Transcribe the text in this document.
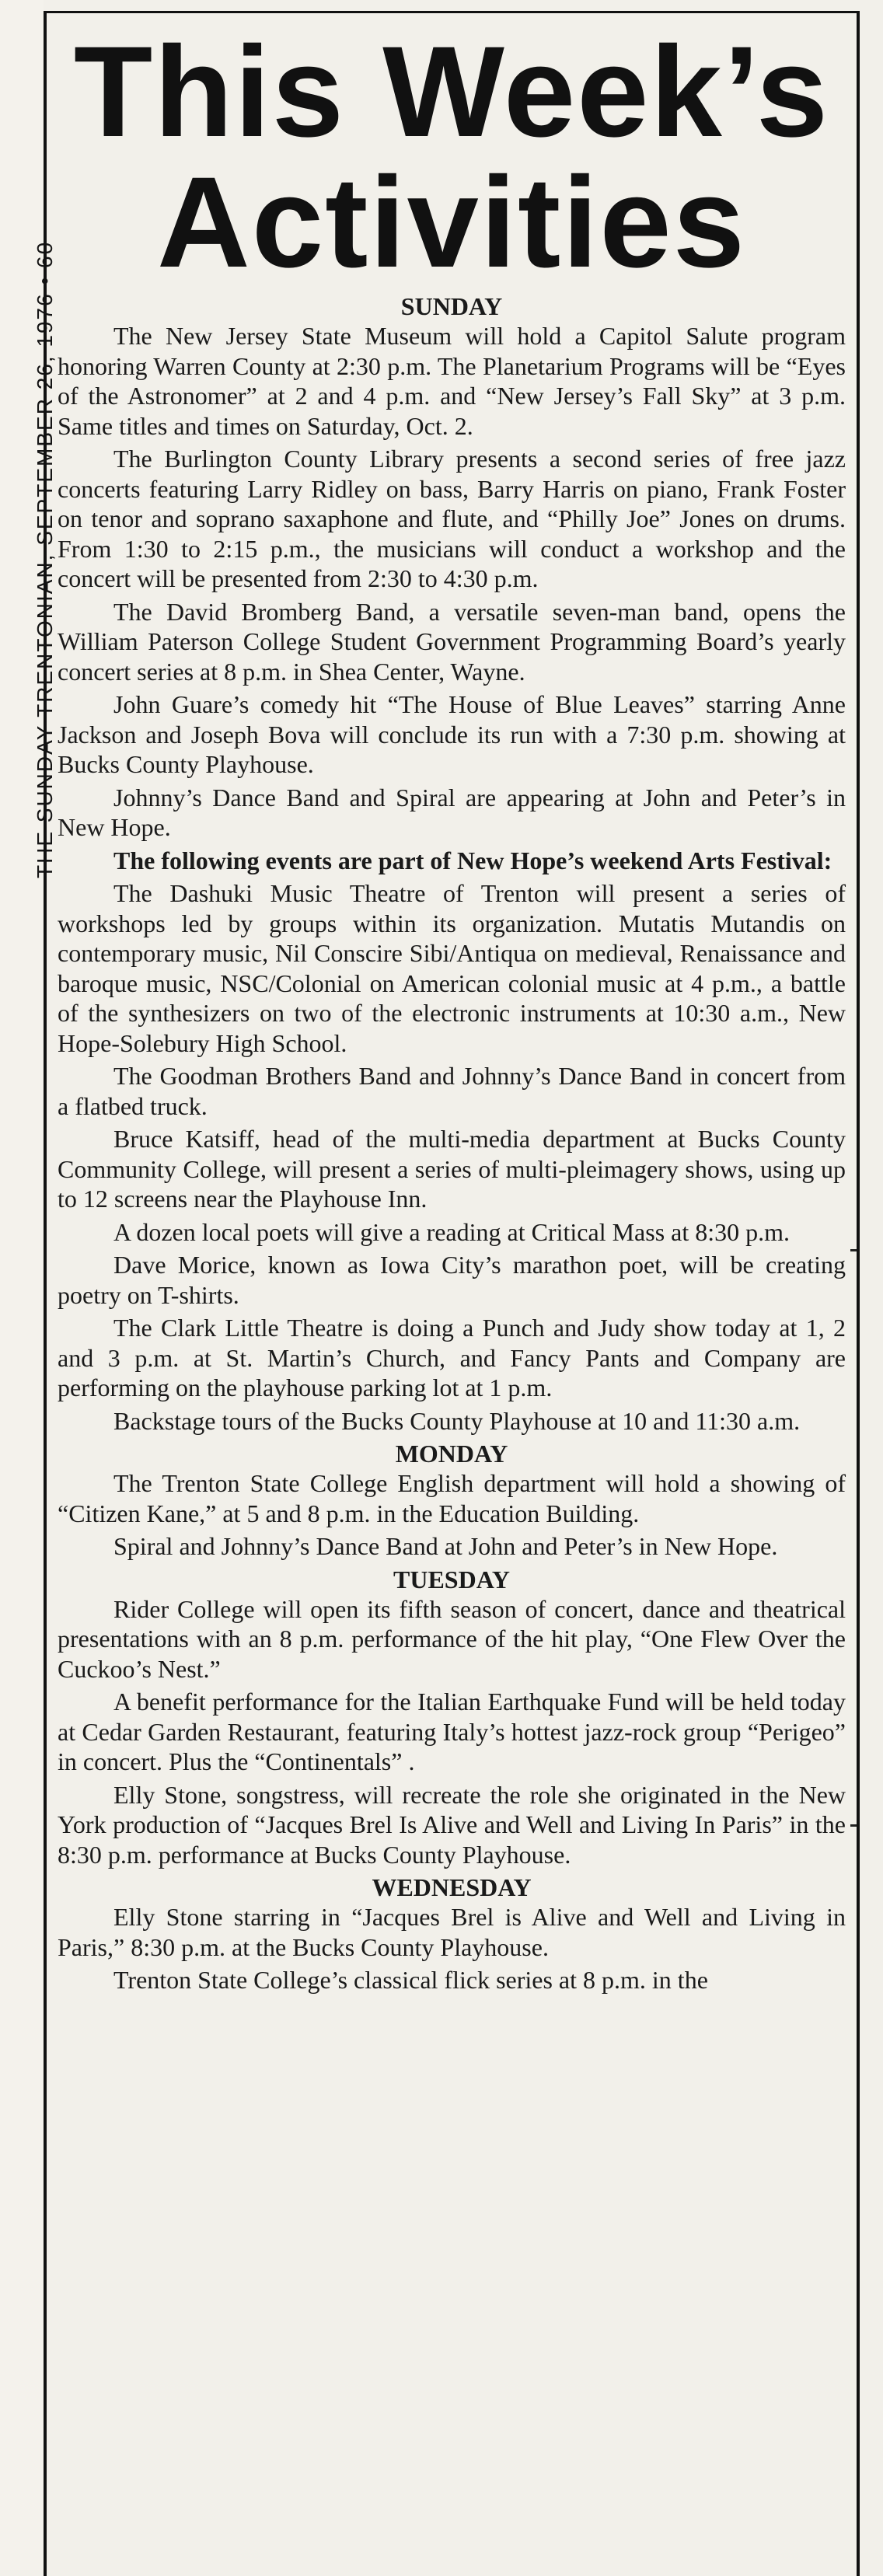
THE SUNDAY TRENTONIAN, SEPTEMBER 26, 1976 • 60
This Week’s
Activities
SUNDAY
The New Jersey State Museum will hold a Capitol Salute program honoring Warren County at 2:30 p.m. The Planetarium Programs will be “Eyes of the Astronomer” at 2 and 4 p.m. and “New Jersey’s Fall Sky” at 3 p.m. Same titles and times on Saturday, Oct. 2.
The Burlington County Library presents a second series of free jazz concerts featuring Larry Ridley on bass, Barry Harris on piano, Frank Foster on tenor and soprano saxaphone and flute, and “Philly Joe” Jones on drums. From 1:30 to 2:15 p.m., the musicians will conduct a workshop and the concert will be presented from 2:30 to 4:30 p.m.
The David Bromberg Band, a versatile seven-man band, opens the William Paterson College Student Government Programming Board’s yearly concert series at 8 p.m. in Shea Center, Wayne.
John Guare’s comedy hit “The House of Blue Leaves” starring Anne Jackson and Joseph Bova will conclude its run with a 7:30 p.m. showing at Bucks County Playhouse.
Johnny’s Dance Band and Spiral are appearing at John and Peter’s in New Hope.
The following events are part of New Hope’s weekend Arts Festival:
The Dashuki Music Theatre of Trenton will present a series of workshops led by groups within its organization. Mutatis Mutandis on contemporary music, Nil Conscire Sibi/Antiqua on medieval, Renaissance and baroque music, NSC/Colonial on American colonial music at 4 p.m., a battle of the synthesizers on two of the electronic instruments at 10:30 a.m., New Hope-Solebury High School.
The Goodman Brothers Band and Johnny’s Dance Band in concert from a flatbed truck.
Bruce Katsiff, head of the multi-media department at Bucks County Community College, will present a series of multi-pleimagery shows, using up to 12 screens near the Playhouse Inn.
A dozen local poets will give a reading at Critical Mass at 8:30 p.m.
Dave Morice, known as Iowa City’s marathon poet, will be creating poetry on T-shirts.
The Clark Little Theatre is doing a Punch and Judy show today at 1, 2 and 3 p.m. at St. Martin’s Church, and Fancy Pants and Company are performing on the playhouse parking lot at 1 p.m.
Backstage tours of the Bucks County Playhouse at 10 and 11:30 a.m.
MONDAY
The Trenton State College English department will hold a showing of “Citizen Kane,” at 5 and 8 p.m. in the Education Building.
Spiral and Johnny’s Dance Band at John and Peter’s in New Hope.
TUESDAY
Rider College will open its fifth season of concert, dance and theatrical presentations with an 8 p.m. performance of the hit play, “One Flew Over the Cuckoo’s Nest.”
A benefit performance for the Italian Earthquake Fund will be held today at Cedar Garden Restaurant, featuring Italy’s hottest jazz-rock group “Perigeo” in concert. Plus the “Continentals” .
Elly Stone, songstress, will recreate the role she originated in the New York production of “Jacques Brel Is Alive and Well and Living In Paris” in the 8:30 p.m. performance at Bucks County Playhouse.
WEDNESDAY
Elly Stone starring in “Jacques Brel is Alive and Well and Living in Paris,” 8:30 p.m. at the Bucks County Playhouse.
Trenton State College’s classical flick series at 8 p.m. in the
